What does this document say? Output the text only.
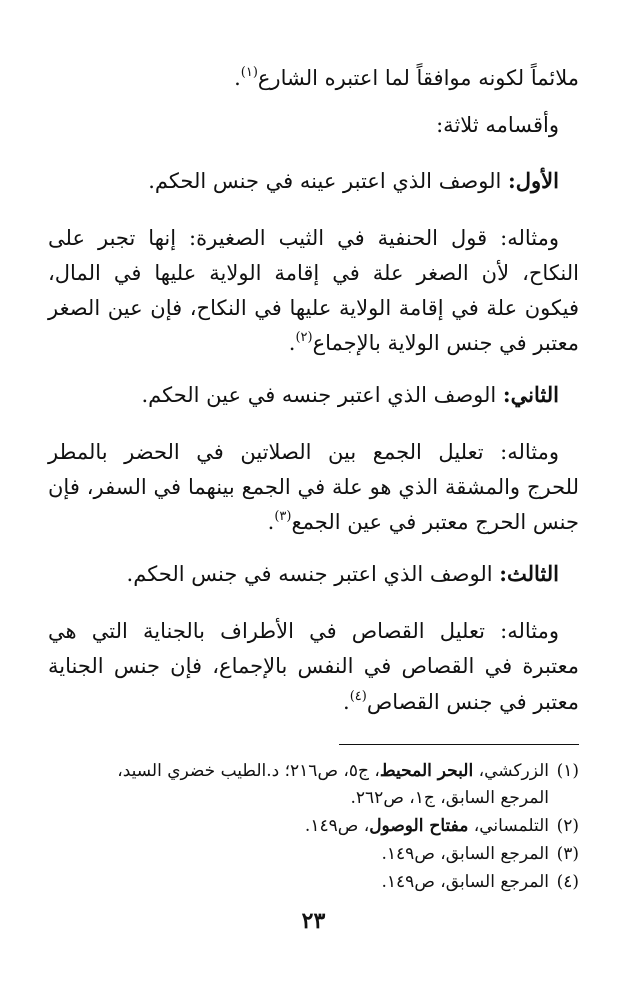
ملائماً لكونه موافقاً لما اعتبره الشارع$^{(١)}$.
وأقسامه ثلاثة:
الأول: الوصف الذي اعتبر عينه في جنس الحكم.
ومثاله: قول الحنفية في الثيب الصغيرة: إنها تجبر على
النكاح، لأن الصغر علة في إقامة الولاية عليها في المال،
فيكون علة في إقامة الولاية عليها في النكاح، فإن عين الصغر
معتبر في جنس الولاية بالإجماع$^{(٢)}$.
الثاني: الوصف الذي اعتبر جنسه في عين الحكم.
ومثاله: تعليل الجمع بين الصلاتين في الحضر بالمطر
للحرج والمشقة الذي هو علة في الجمع بينهما في السفر، فإن
جنس الحرج معتبر في عين الجمع$^{(٣)}$.
الثالث: الوصف الذي اعتبر جنسه في جنس الحكم.
ومثاله: تعليل القصاص في الأطراف بالجناية التي هي
معتبرة في القصاص في النفس بالإجماع، فإن جنس الجناية
معتبر في جنس القصاص$^{(٤)}$.
(١)الزركشي، البحر المحيط، ج٥، ص٢١٦؛ د.الطيب خضري السيد،
المرجع السابق، ج١، ص٢٦٢.
(٢)التلمساني، مفتاح الوصول، ص١٤٩.
(٣)المرجع السابق، ص١٤٩.
(٤)المرجع السابق، ص١٤٩.
٢٣
